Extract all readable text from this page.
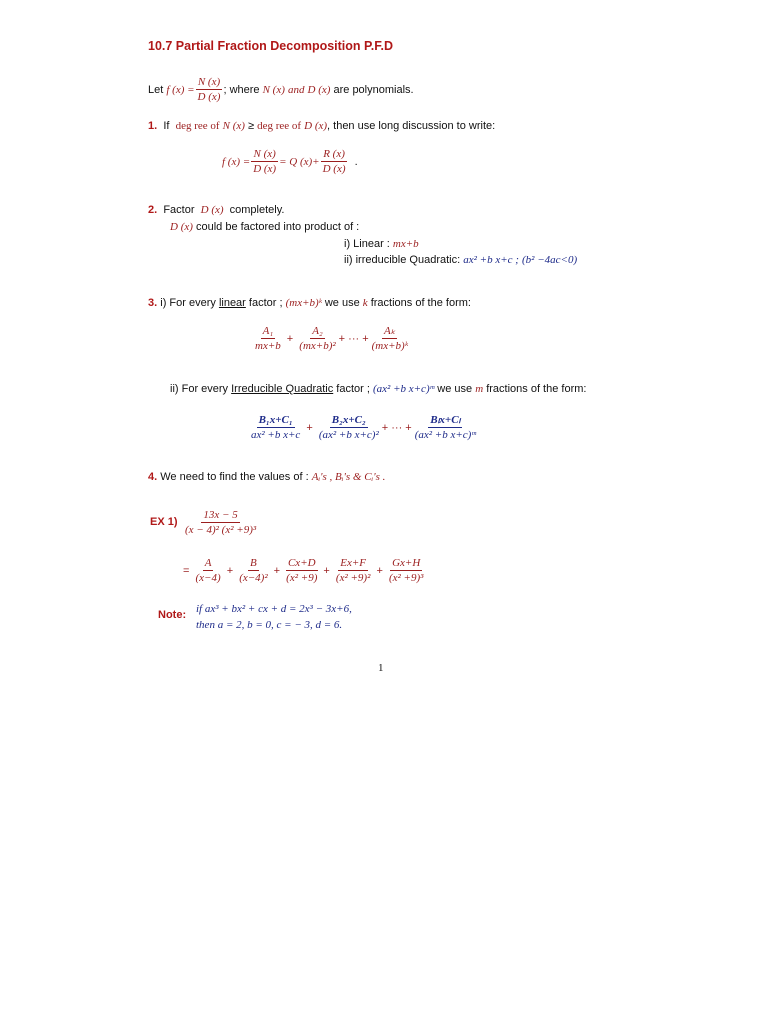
10.7 Partial Fraction Decomposition P.F.D
Let
f $(x) = \frac{N (x)}{D (x)}$ ; where
N (x)
and
D (x)
are polynomials.
1.
If
deg ree of
N (x)
≥
deg ree of
D (x) , then use long discussion to write:
f $(x) = \frac{N (x)}{D (x)} = Q$ $(x)+ \frac{R (x)}{D (x)}$
.
2.
Factor
D (x)
completely.
D (x)
could be factored into product of :
i) Linear :
mx+b
ii) irreducible Quadratic:
ax² +b x+c ;
(b² −4ac<0)
3.
i) For every
linear
factor ;
(mx+b)ᵏ
we use
k
fractions of the form:
$\frac{\text{A₁}}{mx+b} + \frac{\text{A₂}}{\text{(mx+b)²}}$ + ··· + $\frac{\text{Aₖ}}{\text{(mx+b)ᵏ}}$
ii) For every
Irreducible Quadratic
factor ;
(ax² +b x+c)ᵐ
we use
m
fractions of the form:
$\frac{\text{B₁x+C₁}}{\text{ax² +b x+c}} + \frac{\text{B₂x+C₂}}{\text{(ax² +b x+c)²}}$ + ··· + $\frac{\text{Bₗx+Cₗ}}{\text{(ax² +b x+c)ᵐ}}$
4.
We need to find the values of :
Aᵢ's , Bᵢ's & Cᵢ's .
EX $1) \frac{13x - 5}{\text{(x − 4)² (x² +9)³}}$
=
$\frac{A}{(x-4)} + \frac{B}{\text{(x−4)²}} + \frac{Cx+D}{\text{(x² +9)}} + \frac{Ex+F}{\text{(x² +9)²}} + \frac{Gx+H}{\text{(x² +9)³}}$
Note: if ax³ + bx² + cx + d = 2x³ − 3x+6,
then a = 2, b = 0, c = − 3, d = 6.
1
